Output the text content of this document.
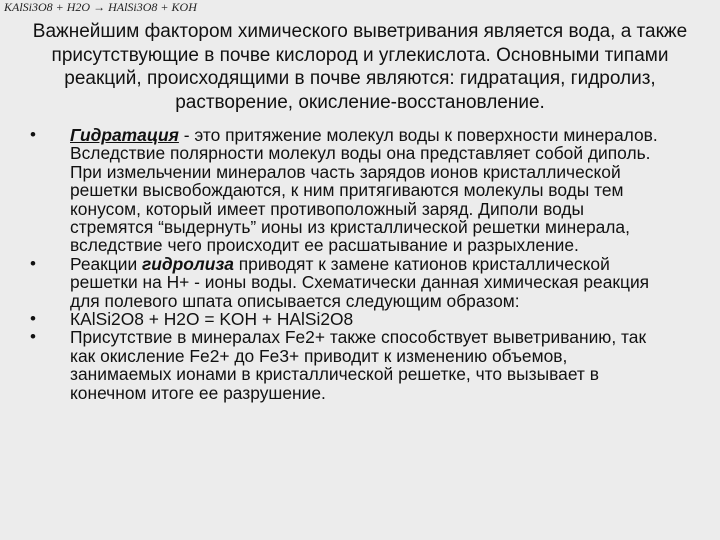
KAlSi3O8 + H2O → HAlSi3O8 + KOH
Важнейшим фактором химического выветривания является вода, а также присутствующие в почве кислород и углекислота. Основными типами реакций, происходящими в почве являются: гидратация, гидролиз, растворение, окисление-восстановление.
• Гидратация - это притяжение молекул воды к поверхности минералов. Вследствие полярности молекул воды она представляет собой диполь. При измельчении минералов часть зарядов ионов кристаллической решетки высвобождаются, к ним притягиваются молекулы воды тем конусом, который имеет противоположный заряд. Диполи воды стремятся “выдернуть” ионы из кристаллической решетки минерала, вследствие чего происходит ее расшатывание и разрыхление.
• Реакции гидролиза приводят к замене катионов кристаллической решетки на Н+ - ионы воды. Схематически данная химическая реакция для полевого шпата описывается следующим образом:
• КAlSi2O8 + H2O = KOH + HAlSi2O8
• Присутствие в минералах Fe2+ также способствует выветриванию, так как окисление Fe2+ до Fe3+ приводит к изменению объемов, занимаемых ионами в кристаллической решетке, что вызывает в конечном итоге ее разрушение.
